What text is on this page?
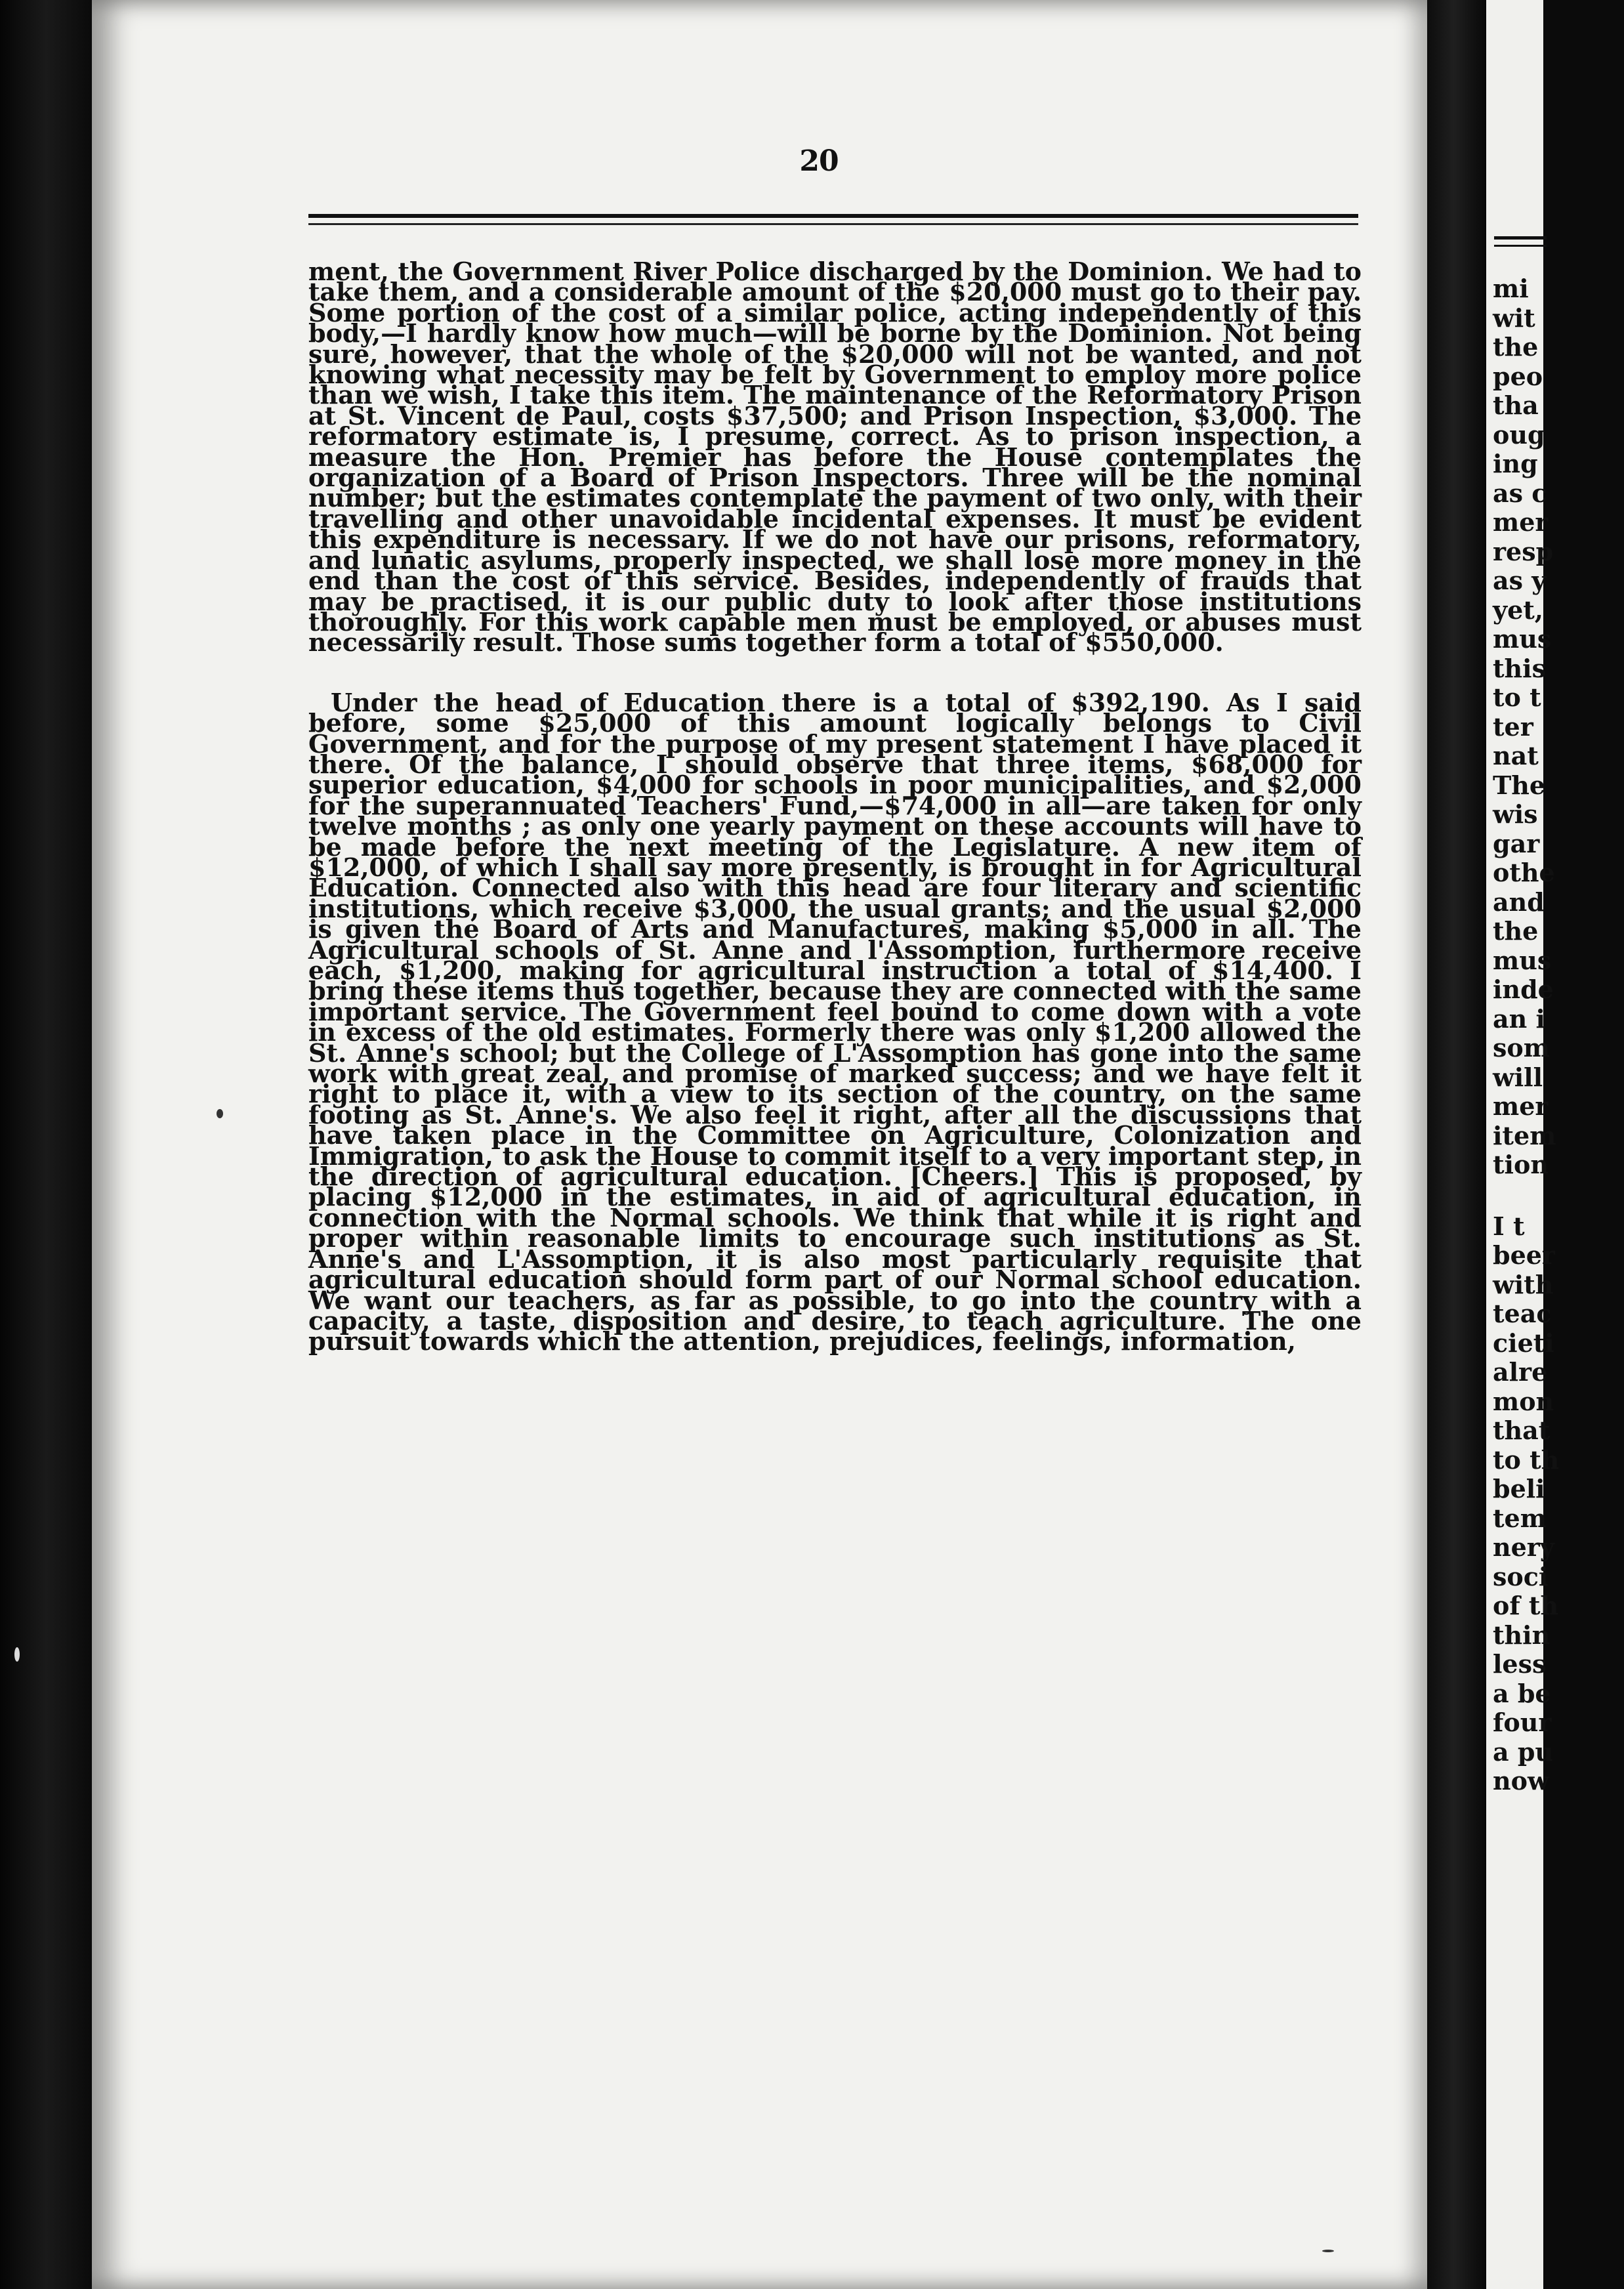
20

ment, the Government River Police discharged by the Dominion. We had to take them, and a considerable amount of the $20,000 must go to their pay. Some portion of the cost of a similar police, acting independently of this body,—I hardly know how much—will be borne by the Dominion. Not being sure, however, that the whole of the $20,000 will not be wanted, and not knowing what necessity may be felt by Government to employ more police than we wish, I take this item. The maintenance of the Reformatory Prison at St. Vincent de Paul, costs $37,500; and Prison Inspection, $3,000. The reformatory estimate is, I presume, correct. As to prison inspection, a measure the Hon. Premier has before the House contemplates the organization of a Board of Prison Inspectors. Three will be the nominal number; but the estimates contemplate the payment of two only, with their travelling and other unavoidable incidental expenses. It must be evident this expenditure is necessary. If we do not have our prisons, reformatory, and lunatic asylums, properly inspected, we shall lose more money in the end than the cost of this service. Besides, independently of frauds that may be practised, it is our public duty to look after those institutions thoroughly. For this work capable men must be employed, or abuses must necessarily result. Those sums together form a total of $550,000.

Under the head of Education there is a total of $392,190. As I said before, some $25,000 of this amount logically belongs to Civil Government, and for the purpose of my present statement I have placed it there. Of the balance, I should observe that three items, $68,000 for superior education, $4,000 for schools in poor municipalities, and $2,000 for the superannuated Teachers' Fund,—$74,000 in all—are taken for only twelve months ; as only one yearly payment on these accounts will have to be made before the next meeting of the Legislature. A new item of $12,000, of which I shall say more presently, is brought in for Agricultural Education. Connected also with this head are four literary and scientific institutions, which receive $3,000, the usual grants; and the usual $2,000 is given the Board of Arts and Manufactures, making $5,000 in all. The Agricultural schools of St. Anne and l'Assomption, furthermore receive each, $1,200, making for agricultural instruction a total of $14,400. I bring these items thus together, because they are connected with the same important service. The Government feel bound to come down with a vote in excess of the old estimates. Formerly there was only $1,200 allowed the St. Anne's school; but the College of L'Assomption has gone into the same work with great zeal, and promise of marked success; and we have felt it right to place it, with a view to its section of the country, on the same footing as St. Anne's. We also feel it right, after all the discussions that have taken place in the Committee on Agriculture, Colonization and Immigration, to ask the House to commit itself to a very important step, in the direction of agricultural education. [Cheers.] This is proposed, by placing $12,000 in the estimates, in aid of agricultural education, in connection with the Normal schools. We think that while it is right and proper within reasonable limits to encourage such institutions as St. Anne's and L'Assomption, it is also most particularly requisite that agricultural education should form part of our Normal school education. We want our teachers, as far as possible, to go into the country with a capacity, a taste, disposition and desire, to teach agriculture. The one pursuit towards which the attention, prejudices, feelings, information,

mi
wit
the
peo
tha
oug
ing
as c
mer
resp
as y
yet,
mus
this
to t
ter
nat
The
wis
gar
othe
and
the
mus
inde
an i
som
will
mer
item
tion
I t
beer
with
teac
cieti
alre
mon
that
to th
beli
tem
nery
soci
of th
thin
less
a be
four
a pu
now
